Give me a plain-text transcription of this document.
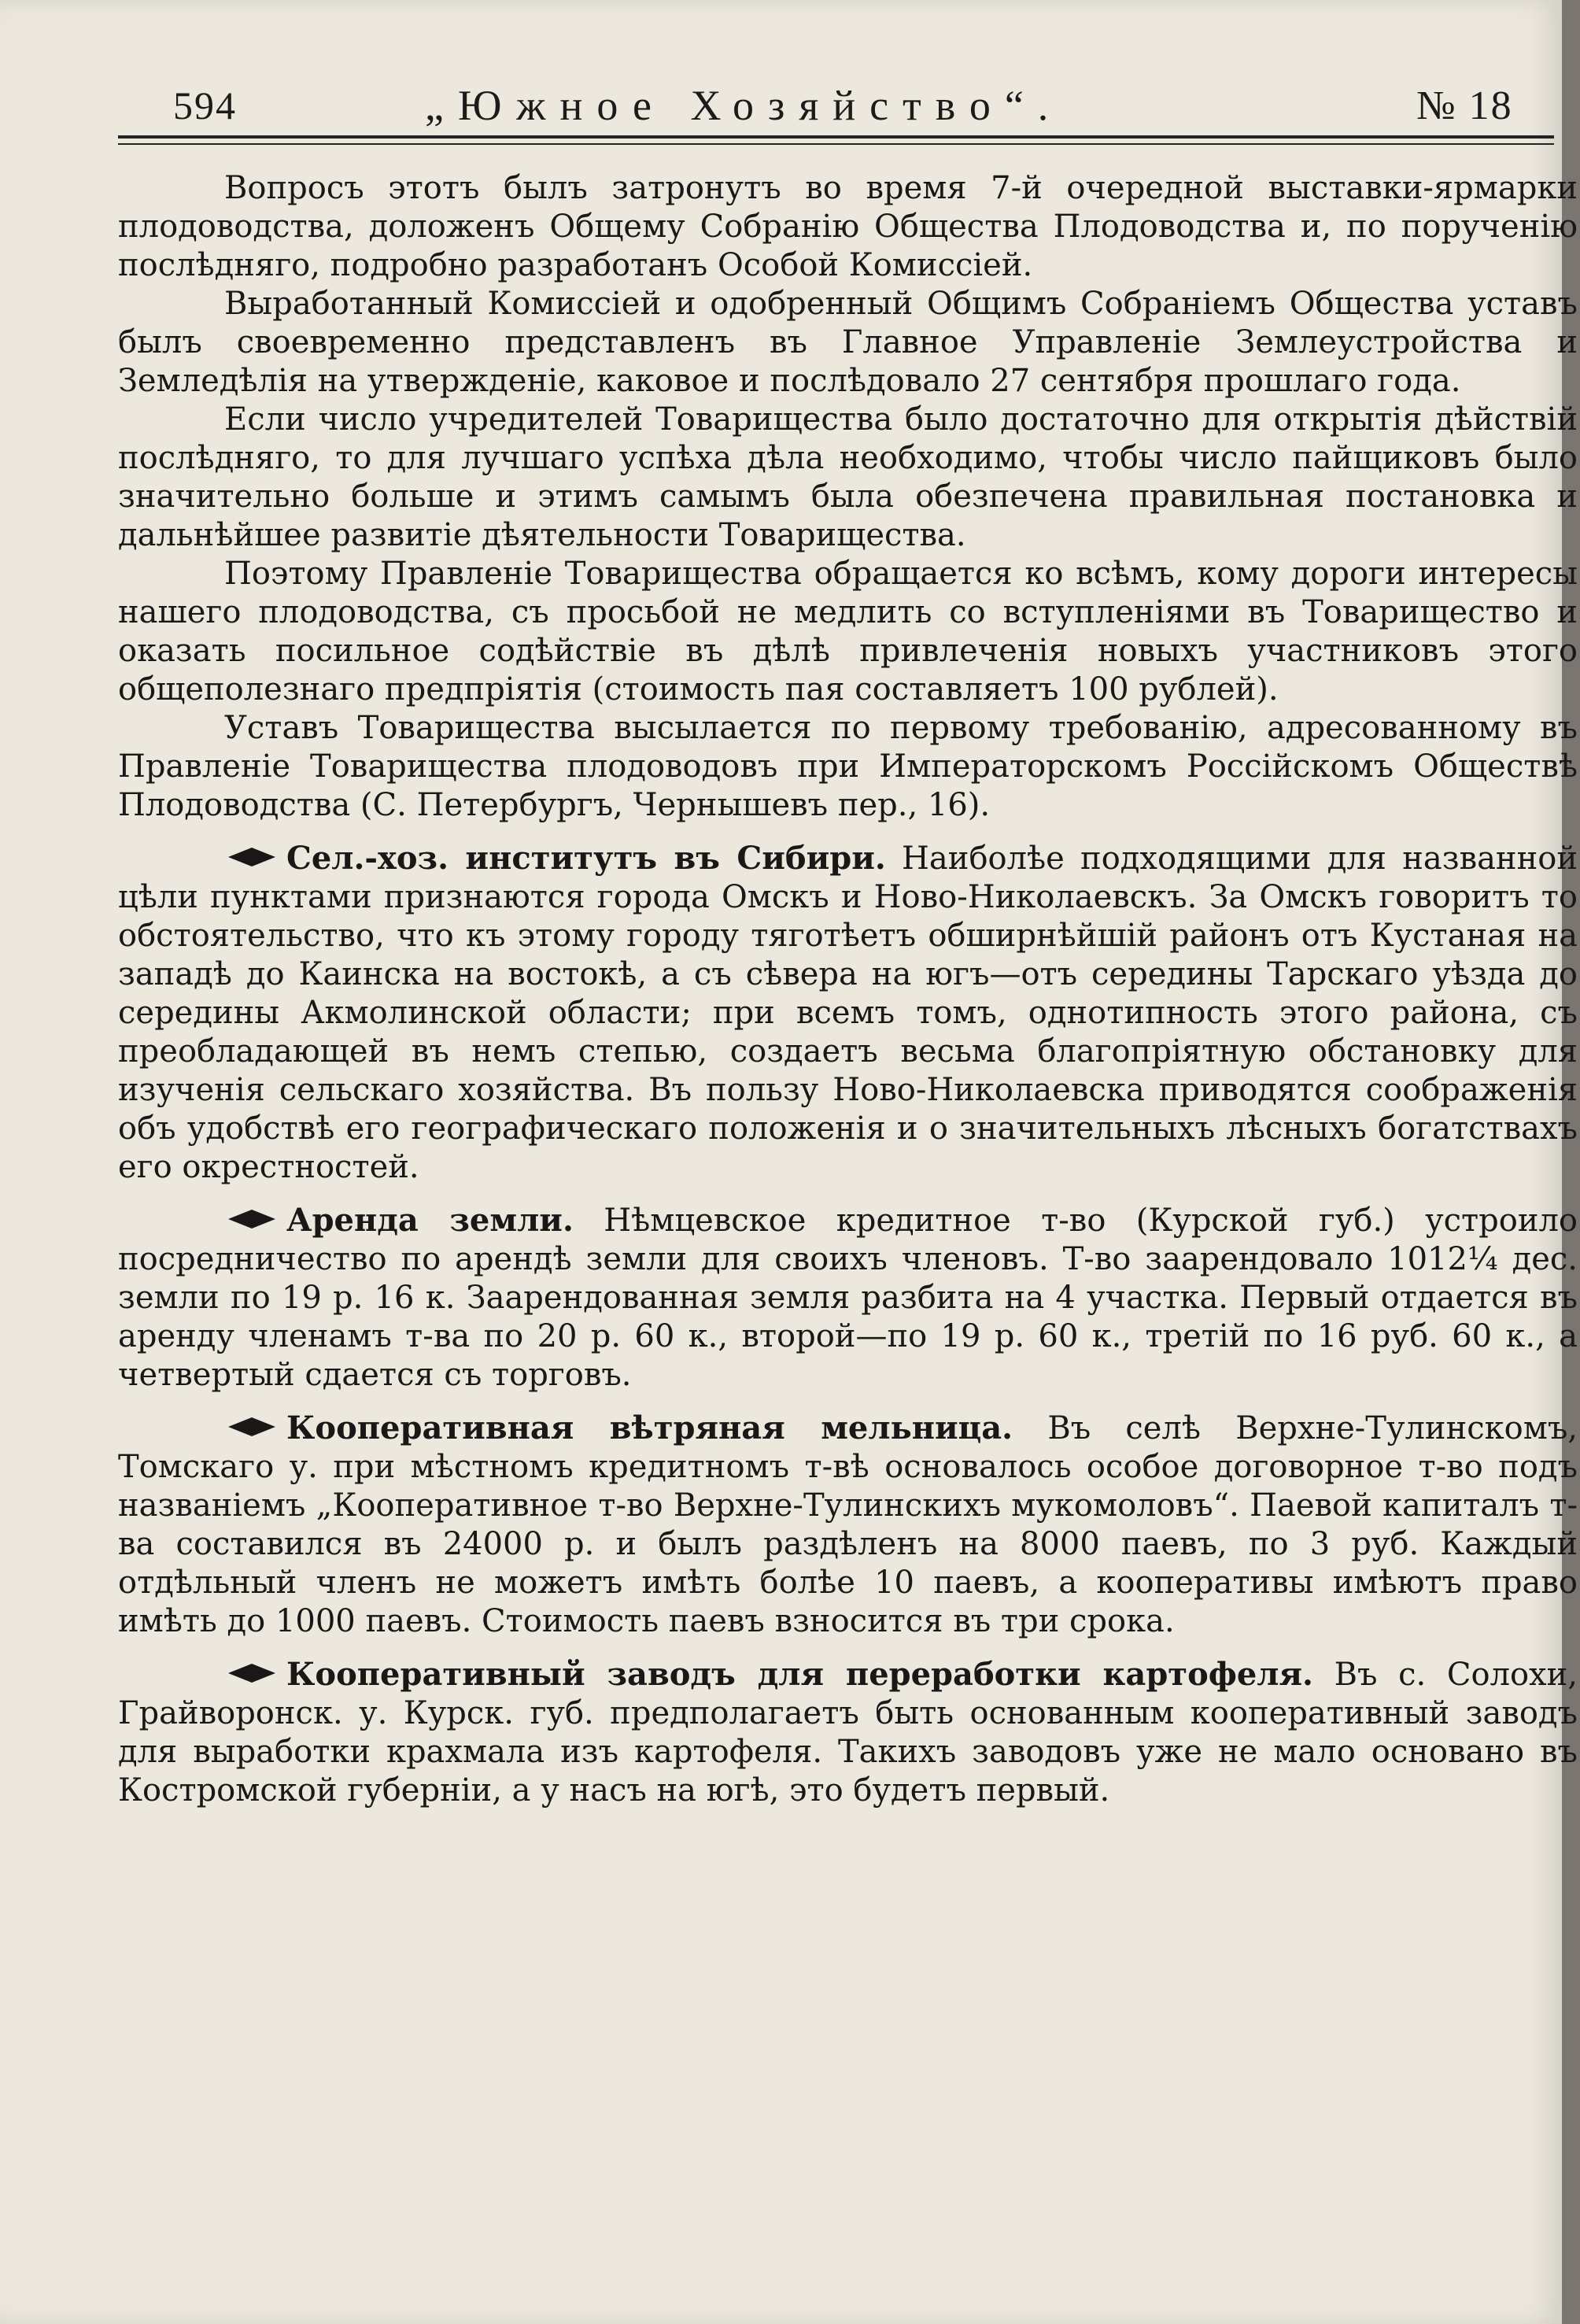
594	„Южное Хозяйство“.	№ 18

Вопросъ этотъ былъ затронутъ во время 7-й очередной выставки-ярмарки плодоводства, доложенъ Общему Собранію Общества Плодоводства и, по порученію послѣдняго, подробно разработанъ Особой Комиссіей.

Выработанный Комиссіей и одобренный Общимъ Собраніемъ Общества уставъ былъ своевременно представленъ въ Главное Управленіе Землеустройства и Земледѣлія на утвержденіе, каковое и послѣдовало 27 сентября прошлаго года.

Если число учредителей Товарищества было достаточно для открытія дѣйствій послѣдняго, то для лучшаго успѣха дѣла необходимо, чтобы число пайщиковъ было значительно больше и этимъ самымъ была обезпечена правильная постановка и дальнѣйшее развитіе дѣятельности Товарищества.

Поэтому Правленіе Товарищества обращается ко всѣмъ, кому дороги интересы нашего плодоводства, съ просьбой не медлить со вступленіями въ Товарищество и оказать посильное содѣйствіе въ дѣлѣ привлеченія новыхъ участниковъ этого общеполезнаго предпріятія (стоимость пая составляетъ 100 рублей).

Уставъ Товарищества высылается по первому требованію, адресованному въ Правленіе Товарищества плодоводовъ при Императорскомъ Россійскомъ Обществѣ Плодоводства (С. Петербургъ, Чернышевъ пер., 16).

Сел.-хоз. институтъ въ Сибири. Наиболѣе подходящими для названной цѣли пунктами признаются города Омскъ и Ново-Николаевскъ. За Омскъ говоритъ то обстоятельство, что къ этому городу тяготѣетъ обширнѣйшій районъ отъ Кустаная на западѣ до Каинска на востокѣ, а съ сѣвера на югъ—отъ середины Тарскаго уѣзда до середины Акмолинской области; при всемъ томъ, однотипность этого района, съ преобладающей въ немъ степью, создаетъ весьма благопріятную обстановку для изученія сельскаго хозяйства. Въ пользу Ново-Николаевска приводятся соображенія объ удобствѣ его географическаго положенія и о значительныхъ лѣсныхъ богатствахъ его окрестностей.

Аренда земли. Нѣмцевское кредитное т-во (Курской губ.) устроило посредничество по арендѣ земли для своихъ членовъ. Т-во заарендовало 1012¼ дес. земли по 19 р. 16 к. Заарендованная земля разбита на 4 участка. Первый отдается въ аренду членамъ т-ва по 20 р. 60 к., второй—по 19 р. 60 к., третій по 16 руб. 60 к., а четвертый сдается съ торговъ.

Кооперативная вѣтряная мельница. Въ селѣ Верхне-Тулинскомъ, Томскаго у. при мѣстномъ кредитномъ т-вѣ основалось особое договорное т-во подъ названіемъ „Кооперативное т-во Верхне-Тулинскихъ мукомоловъ“. Паевой капиталъ т-ва составился въ 24000 р. и былъ раздѣленъ на 8000 паевъ, по 3 руб. Каждый отдѣльный членъ не можетъ имѣть болѣе 10 паевъ, а кооперативы имѣютъ право имѣть до 1000 паевъ. Стоимость паевъ взносится въ три срока.

Кооперативный заводъ для переработки картофеля. Въ с. Солохи, Грайворонск. у. Курск. губ. предполагаетъ быть основанным кооперативный заводъ для выработки крахмала изъ картофеля. Такихъ заводовъ уже не мало основано въ Костромской губерніи, а у насъ на югѣ, это будетъ первый.
